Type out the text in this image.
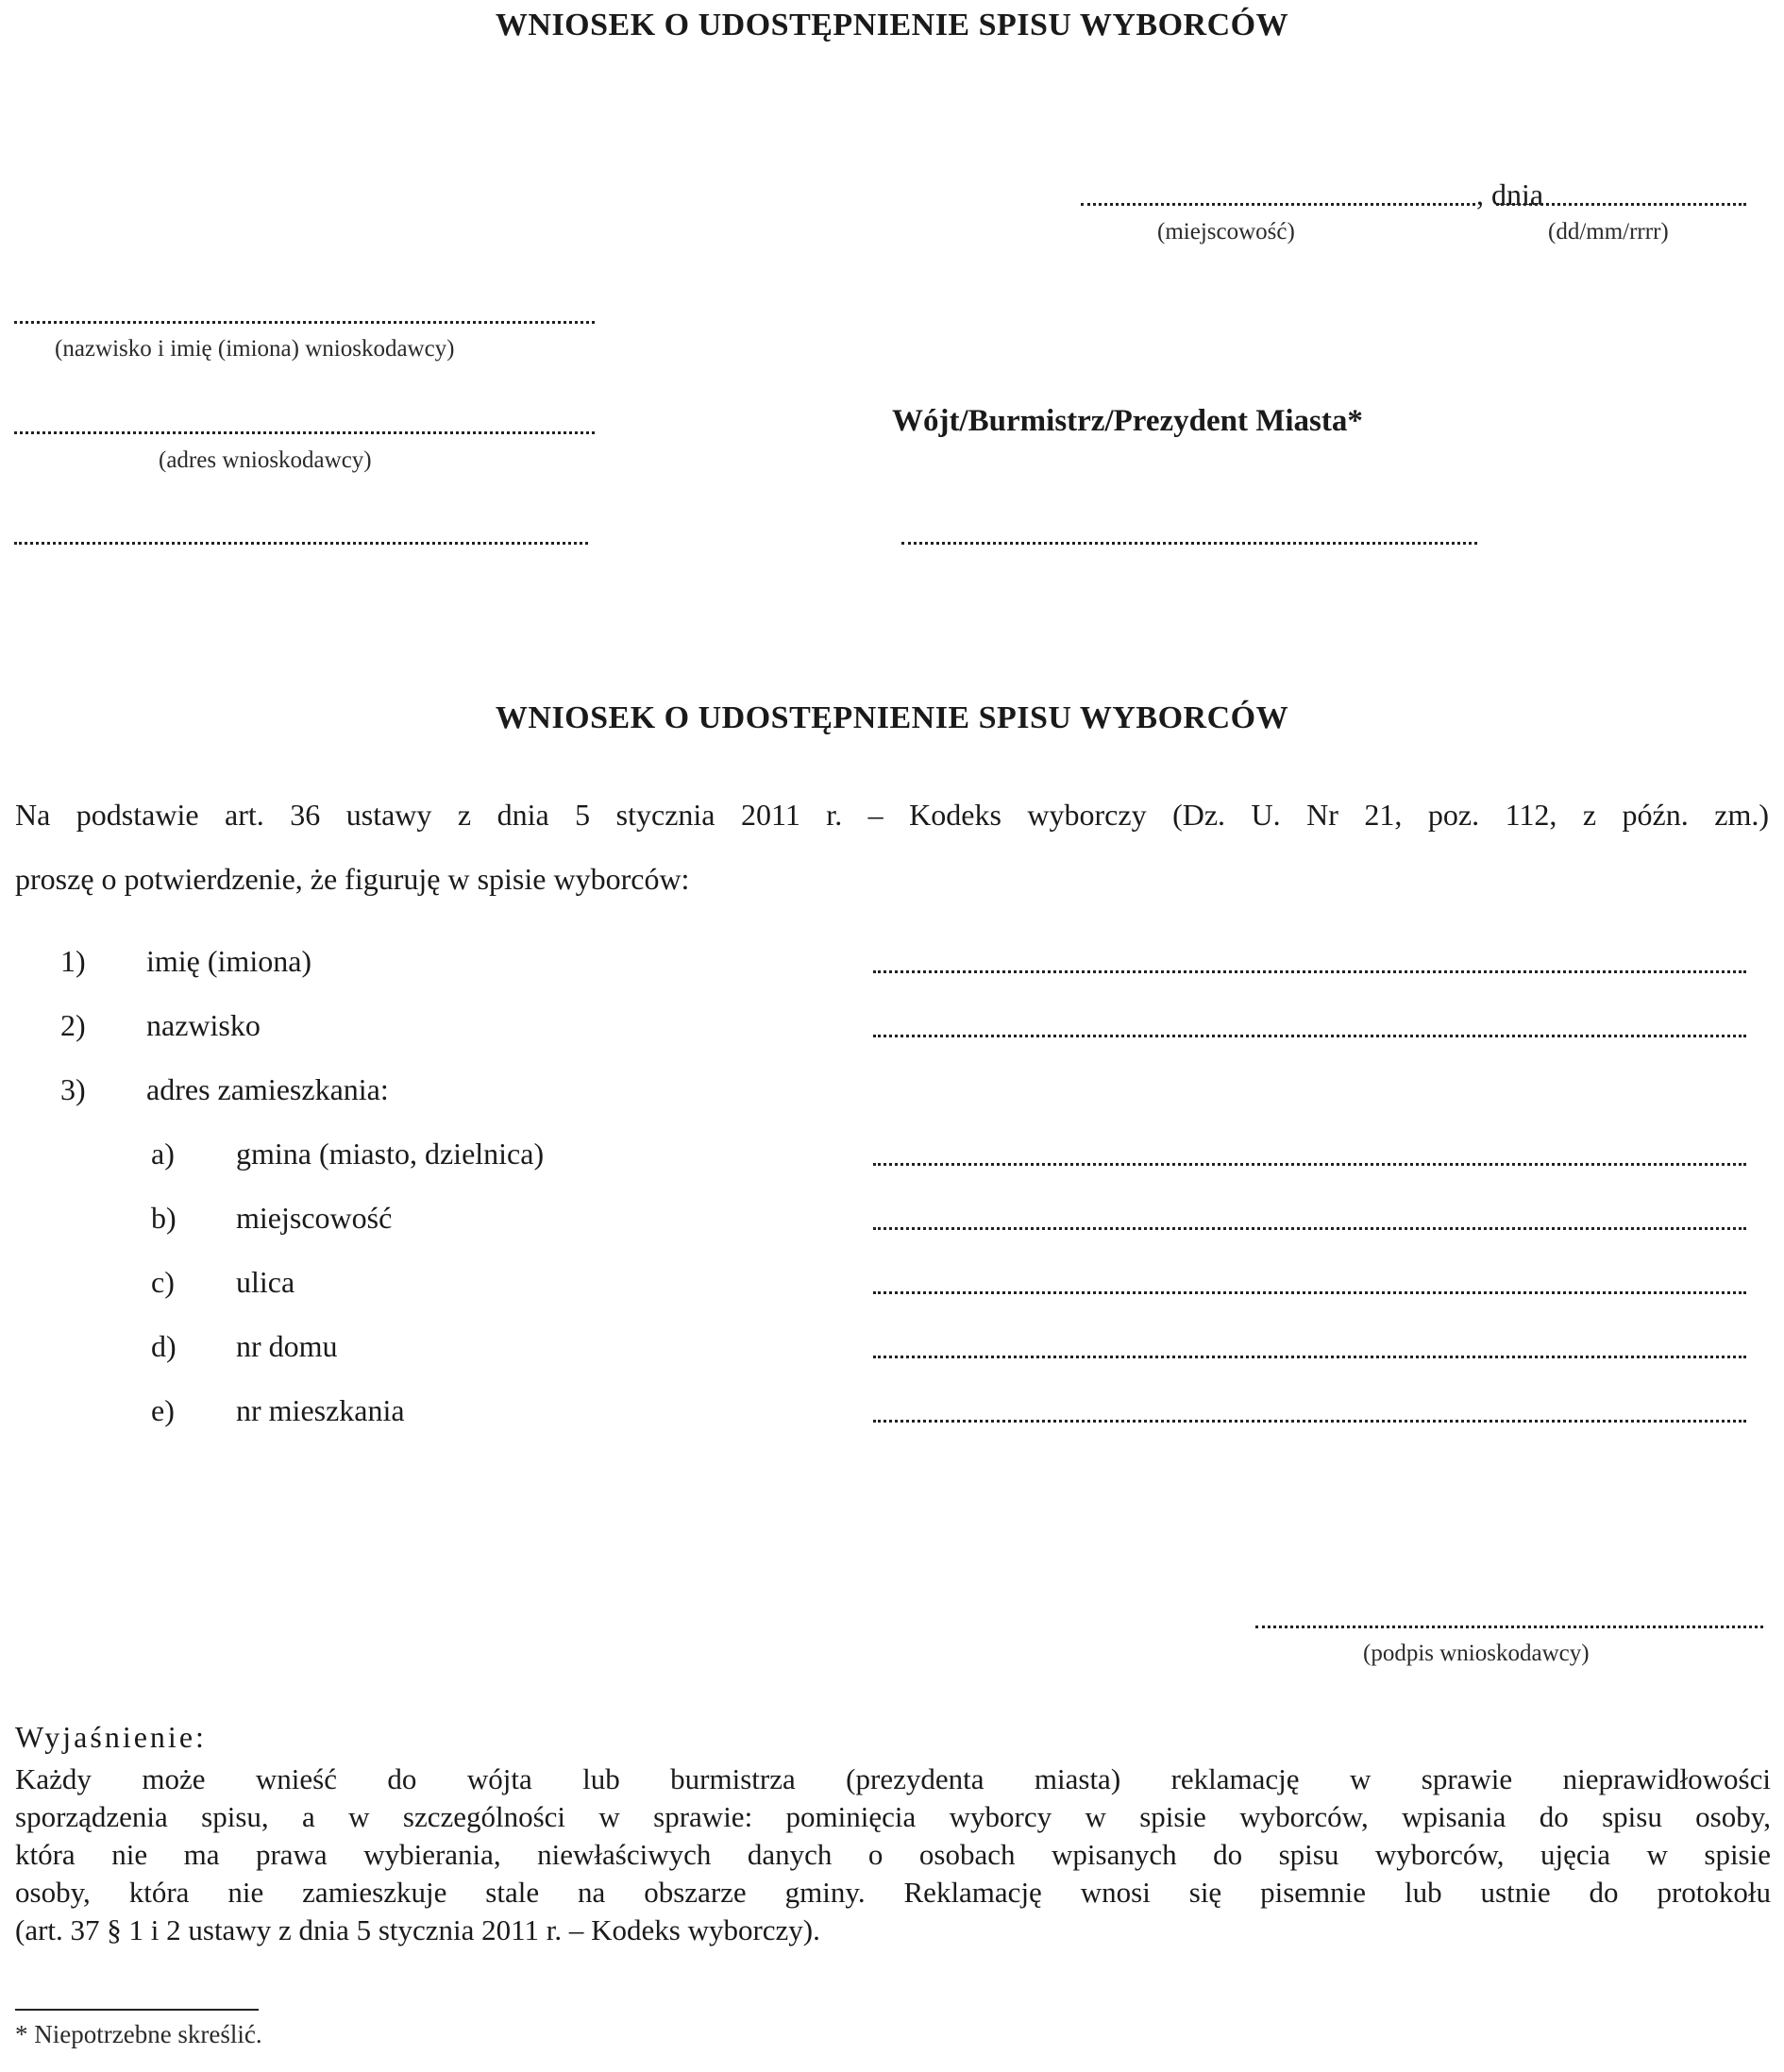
WNIOSEK O UDOSTĘPNIENIE SPISU WYBORCÓW
, dnia
(miejscowość)	(dd/mm/rrrr)
(nazwisko i imię (imiona) wnioskodawcy)
(adres wnioskodawcy)
Wójt/Burmistrz/Prezydent Miasta*
WNIOSEK O UDOSTĘPNIENIE SPISU WYBORCÓW
Na podstawie art. 36 ustawy z dnia 5 stycznia 2011 r. – Kodeks wyborczy (Dz. U. Nr 21, poz. 112, z późn. zm.)
proszę o potwierdzenie, że figuruję w spisie wyborców:
1) imię (imiona)
2) nazwisko
3) adres zamieszkania:
a) gmina (miasto, dzielnica)
b) miejscowość
c) ulica
d) nr domu
e) nr mieszkania
(podpis wnioskodawcy)
Wyjaśnienie:
Każdy może wnieść do wójta lub burmistrza (prezydenta miasta) reklamację w sprawie nieprawidłowości
sporządzenia spisu, a w szczególności w sprawie: pominięcia wyborcy w spisie wyborców, wpisania do spisu osoby,
która nie ma prawa wybierania, niewłaściwych danych o osobach wpisanych do spisu wyborców, ujęcia w spisie
osoby, która nie zamieszkuje stale na obszarze gminy. Reklamację wnosi się pisemnie lub ustnie do protokołu
(art. 37 § 1 i 2 ustawy z dnia 5 stycznia 2011 r. – Kodeks wyborczy).
* Niepotrzebne skreślić.
